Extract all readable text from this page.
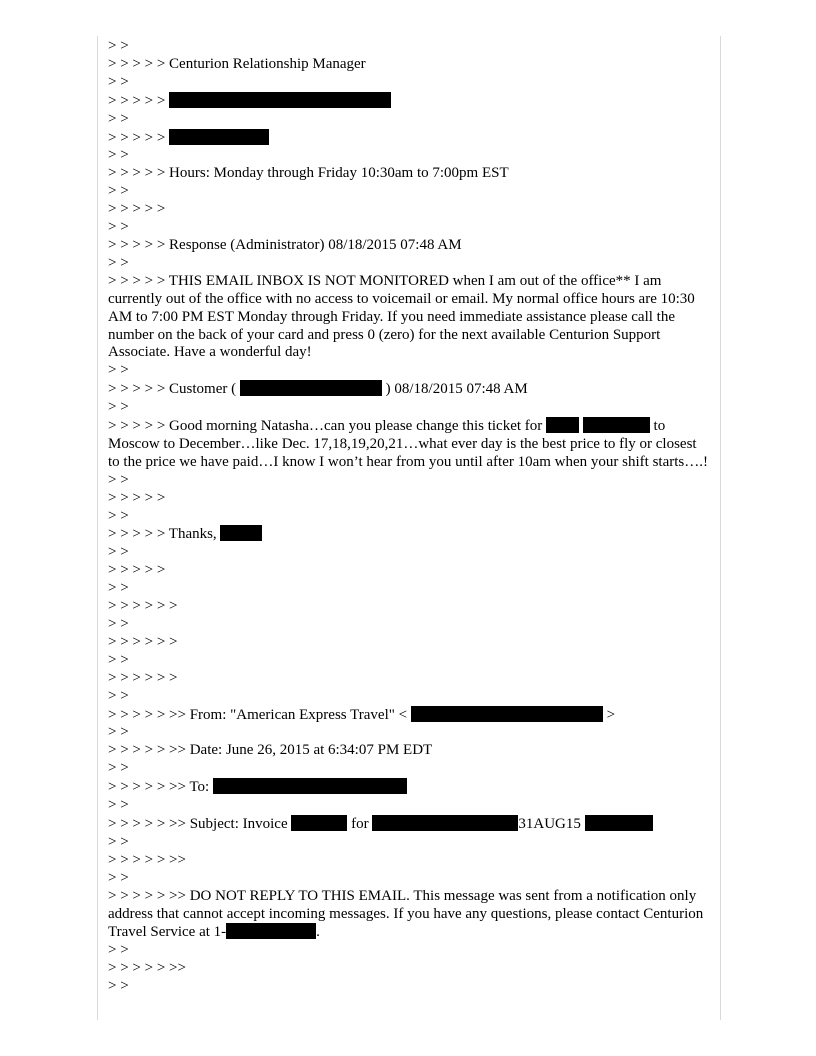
> >

> > > > > Centurion Relationship Manager

> >

> > > > >

> >

> > > > >

> >

> > > > > Hours: Monday through Friday 10:30am to 7:00pm EST

> >

> > > > >

> >

> > > > > Response (Administrator) 08/18/2015 07:48 AM

> >

> > > > > THIS EMAIL INBOX IS NOT MONITORED when I am out of the office** I am currently out of the office with no access to voicemail or email. My normal office hours are 10:30 AM to 7:00 PM EST Monday through Friday. If you need immediate assistance please call the number on the back of your card and press 0 (zero) for the next available Centurion Support Associate. Have a wonderful day!

> >

> > > > > Customer (	) 08/18/2015 07:48 AM

> >

> > > > > Good morning Natasha…can you please change this ticket for	to Moscow to December…like Dec. 17,18,19,20,21…what ever day is the best price to fly or closest to the price we have paid…I know I won’t hear from you until after 10am when your shift starts….!

> >

> > > > >

> >

> > > > > Thanks,

> >

> > > > >

> >

> > > > > >

> >

> > > > > >

> >

> > > > > >

> >

> > > > > >> From: "American Express Travel" <	>

> >

> > > > > >> Date: June 26, 2015 at 6:34:07 PM EDT

> >

> > > > > >> To:

> >

> > > > > >> Subject: Invoice	for	31AUG15

> >

> > > > > >>

> >

> > > > > >> DO NOT REPLY TO THIS EMAIL. This message was sent from a notification only address that cannot accept incoming messages. If you have any questions, please contact Centurion Travel Service at 1-	.

> >

> > > > > >>

> >
